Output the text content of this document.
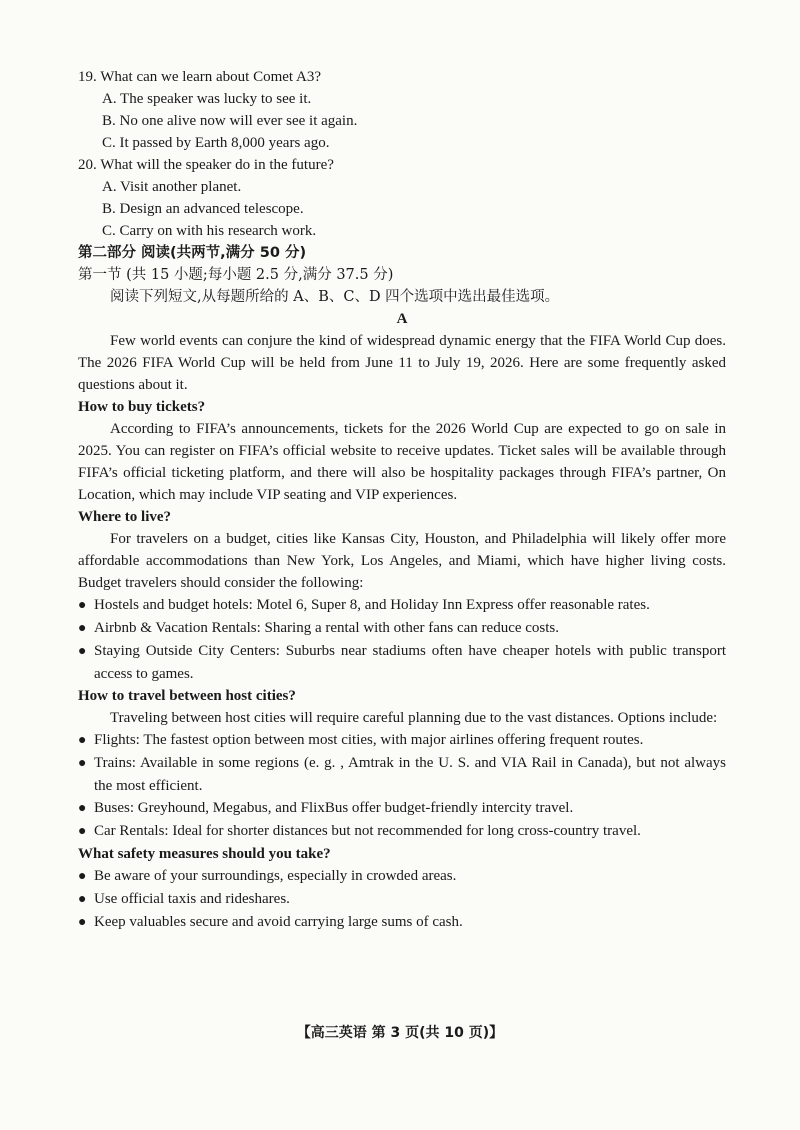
19. What can we learn about Comet A3?

A. The speaker was lucky to see it.

B. No one alive now will ever see it again.

C. It passed by Earth 8,000 years ago.

20. What will the speaker do in the future?

A. Visit another planet.

B. Design an advanced telescope.

C. Carry on with his research work.

第二部分 阅读(共两节,满分 50 分)

第一节 (共 15 小题;每小题 2.5 分,满分 37.5 分)

阅读下列短文,从每题所给的 A、B、C、D 四个选项中选出最佳选项。

A

Few world events can conjure the kind of widespread dynamic energy that the FIFA World Cup does. The 2026 FIFA World Cup will be held from June 11 to July 19, 2026. Here are some frequently asked questions about it.

How to buy tickets?

According to FIFA’s announcements, tickets for the 2026 World Cup are expected to go on sale in 2025. You can register on FIFA’s official website to receive updates. Ticket sales will be available through FIFA’s official ticketing platform, and there will also be hospitality packages through FIFA’s partner, On Location, which may include VIP seating and VIP experiences.

Where to live?

For travelers on a budget, cities like Kansas City, Houston, and Philadelphia will likely offer more affordable accommodations than New York, Los Angeles, and Miami, which have higher living costs. Budget travelers should consider the following:

● Hostels and budget hotels: Motel 6, Super 8, and Holiday Inn Express offer reasonable rates.

● Airbnb & Vacation Rentals: Sharing a rental with other fans can reduce costs.

● Staying Outside City Centers: Suburbs near stadiums often have cheaper hotels with public transport access to games.

How to travel between host cities?

Traveling between host cities will require careful planning due to the vast distances. Options include:

● Flights: The fastest option between most cities, with major airlines offering frequent routes.

● Trains: Available in some regions (e. g. , Amtrak in the U. S. and VIA Rail in Canada), but not always the most efficient.

● Buses: Greyhound, Megabus, and FlixBus offer budget-friendly intercity travel.

● Car Rentals: Ideal for shorter distances but not recommended for long cross-country travel.

What safety measures should you take?

● Be aware of your surroundings, especially in crowded areas.

● Use official taxis and rideshares.

● Keep valuables secure and avoid carrying large sums of cash.

【高三英语 第 3 页(共 10 页)】
